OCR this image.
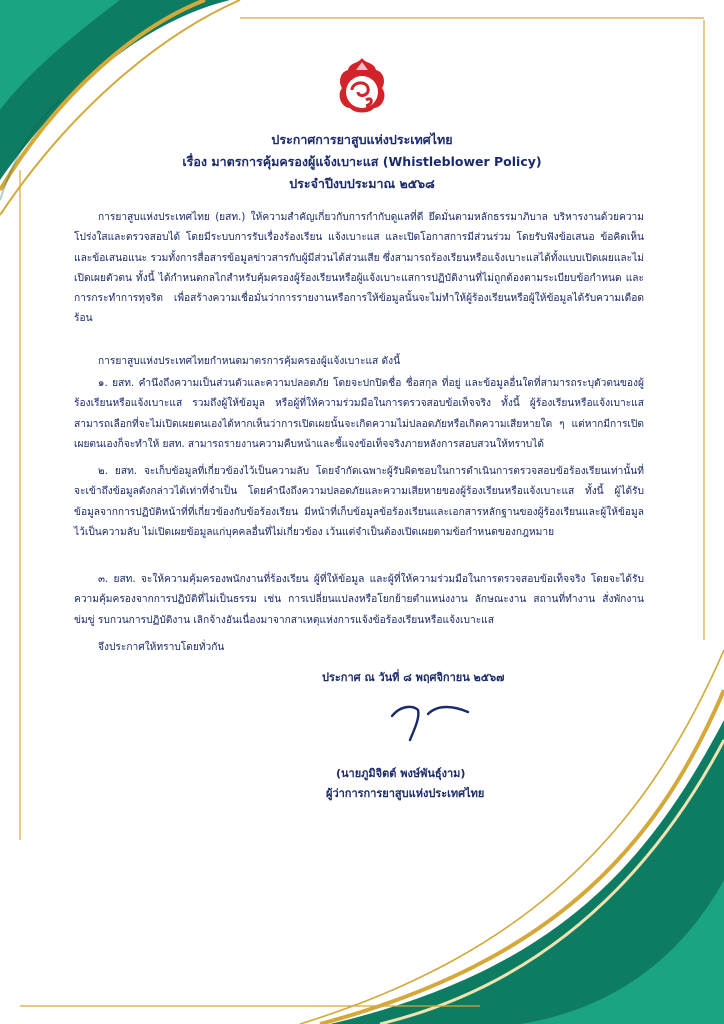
ประกาศการยาสูบแห่งประเทศไทย
เรื่อง มาตรการคุ้มครองผู้แจ้งเบาะแส (Whistleblower Policy)
ประจำปีงบประมาณ ๒๕๖๘
การยาสูบแห่งประเทศไทย (ยสท.) ให้ความสำคัญเกี่ยวกับการกำกับดูแลที่ดี ยึดมั่นตามหลักธรรมาภิบาล บริหารงานด้วยความโปร่งใสและตรวจสอบได้ โดยมีระบบการรับเรื่องร้องเรียน แจ้งเบาะแส และเปิดโอกาสการมีส่วนร่วม โดยรับฟังข้อเสนอ ข้อคิดเห็นและข้อเสนอแนะ รวมทั้งการสื่อสารข้อมูลข่าวสารกับผู้มีส่วนได้ส่วนเสีย ซึ่งสามารถร้องเรียนหรือแจ้งเบาะแสได้ทั้งแบบเปิดเผยและไม่เปิดเผยตัวตน ทั้งนี้ ได้กำหนดกลไกสำหรับคุ้มครองผู้ร้องเรียนหรือผู้แจ้งเบาะแสการปฏิบัติงานที่ไม่ถูกต้องตามระเบียบข้อกำหนด และการกระทำการทุจริต เพื่อสร้างความเชื่อมั่นว่าการรายงานหรือการให้ข้อมูลนั้นจะไม่ทำให้ผู้ร้องเรียนหรือผู้ให้ข้อมูลได้รับความเดือดร้อน
การยาสูบแห่งประเทศไทยกำหนดมาตรการคุ้มครองผู้แจ้งเบาะแส ดังนี้
๑. ยสท. คำนึงถึงความเป็นส่วนตัวและความปลอดภัย โดยจะปกปิดชื่อ ชื่อสกุล ที่อยู่ และข้อมูลอื่นใดที่สามารถระบุตัวตนของผู้ร้องเรียนหรือแจ้งเบาะแส รวมถึงผู้ให้ข้อมูล หรือผู้ที่ให้ความร่วมมือในการตรวจสอบข้อเท็จจริง ทั้งนี้ ผู้ร้องเรียนหรือแจ้งเบาะแส สามารถเลือกที่จะไม่เปิดเผยตนเองได้หากเห็นว่าการเปิดเผยนั้นจะเกิดความไม่ปลอดภัยหรือเกิดความเสียหายใด ๆ แต่หากมีการเปิดเผยตนเองก็จะทำให้ ยสท. สามารถรายงานความคืบหน้าและชี้แจงข้อเท็จจริงภายหลังการสอบสวนให้ทราบได้
๒. ยสท. จะเก็บข้อมูลที่เกี่ยวข้องไว้เป็นความลับ โดยจำกัดเฉพาะผู้รับผิดชอบในการดำเนินการตรวจสอบข้อร้องเรียนเท่านั้นที่จะเข้าถึงข้อมูลดังกล่าวได้เท่าที่จำเป็น โดยคำนึงถึงความปลอดภัยและความเสียหายของผู้ร้องเรียนหรือแจ้งเบาะแส ทั้งนี้ ผู้ได้รับข้อมูลจากการปฏิบัติหน้าที่ที่เกี่ยวข้องกับข้อร้องเรียน มีหน้าที่เก็บข้อมูลข้อร้องเรียนและเอกสารหลักฐานของผู้ร้องเรียนและผู้ให้ข้อมูลไว้เป็นความลับ ไม่เปิดเผยข้อมูลแก่บุคคลอื่นที่ไม่เกี่ยวข้อง เว้นแต่จำเป็นต้องเปิดเผยตามข้อกำหนดของกฎหมาย
๓. ยสท. จะให้ความคุ้มครองพนักงานที่ร้องเรียน ผู้ที่ให้ข้อมูล และผู้ที่ให้ความร่วมมือในการตรวจสอบข้อเท็จจริง โดยจะได้รับความคุ้มครองจากการปฏิบัติที่ไม่เป็นธรรม เช่น การเปลี่ยนแปลงหรือโยกย้ายตำแหน่งงาน ลักษณะงาน สถานที่ทำงาน สั่งพักงาน ข่มขู่ รบกวนการปฏิบัติงาน เลิกจ้างอันเนื่องมาจากสาเหตุแห่งการแจ้งข้อร้องเรียนหรือแจ้งเบาะแส
จึงประกาศให้ทราบโดยทั่วกัน
ประกาศ ณ วันที่ ๘ พฤศจิกายน ๒๕๖๗
(นายภูมิจิตต์ พงษ์พันธุ์งาม)
ผู้ว่าการการยาสูบแห่งประเทศไทย
